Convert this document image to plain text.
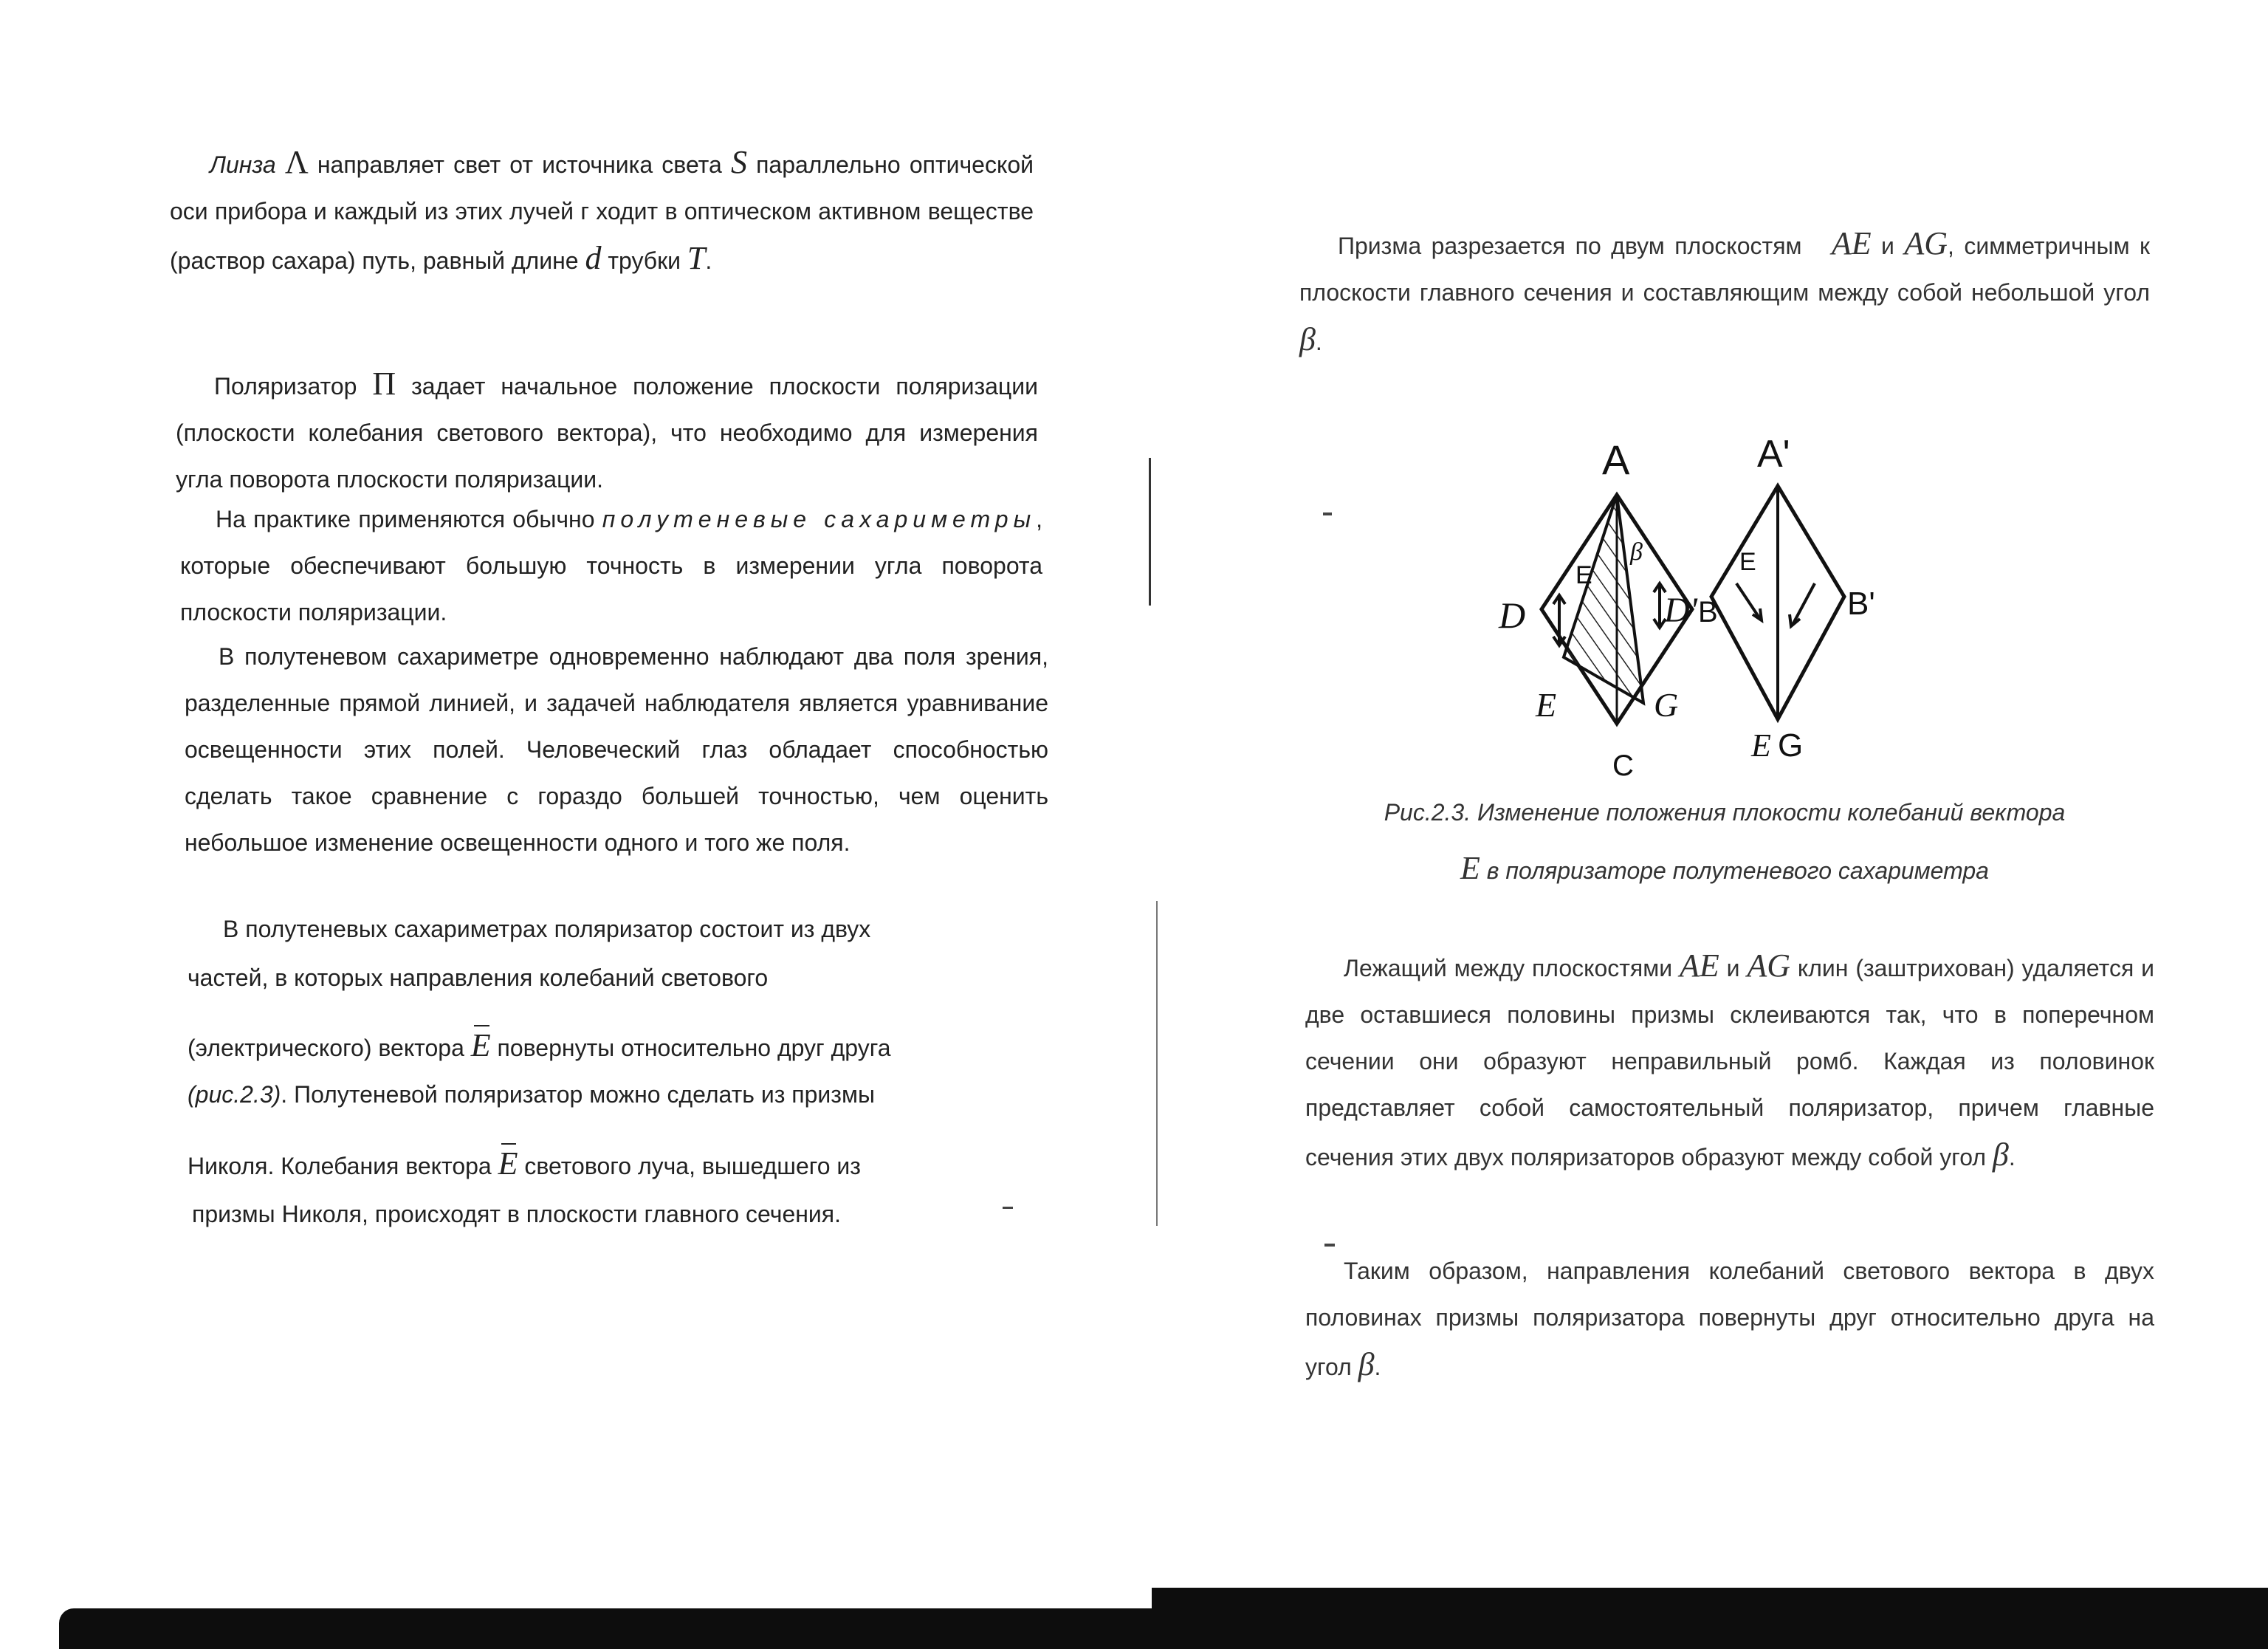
Линза Λ направляет свет от источника света S параллельно оптической оси прибора и каждый из этих лучей г ходит в оптическом активном веществе (раствор сахара) путь, равный длине d трубки T.

Поляризатор Π задает начальное положение плоскости поляризации (плоскости колебания светового вектора), что необходимо для измерения угла поворота плоскости поляризации.

На практике применяются обычно полутеневые сахариметры, которые обеспечивают большую точность в измерении угла поворота плоскости поляризации.

В полутеневом сахариметре одновременно наблюдают два поля зрения, разделенные прямой линией, и задачей наблюдателя является уравнивание освещенности этих полей. Человеческий глаз обладает способностью сделать такое сравнение с гораздо большей точностью, чем оценить небольшое изменение освещенности одного и того же поля.

В полутеневых сахариметрах поляризатор состоит из двух
частей, в которых направления колебаний светового
(электрического) вектора E повернуты относительно друг друга
(рис.2.3). Полутеневой поляризатор можно сделать из призмы
Николя. Колебания вектора E светового луча, вышедшего из
призмы Николя, происходят в плоскости главного сечения.

Призма разрезается по двум плоскостям   AE и AG, симметричным к плоскости главного сечения и составляющим между собой небольшой угол β.

A
B
C
D
E	G
E
β
A'
B'
D'
E G
E

Рис.2.3. Изменение положения плокости колебаний вектора
E в поляризаторе полутеневого сахариметра

Лежащий между плоскостями AE и AG клин (заштрихован) удаляется и две оставшиеся половины призмы склеиваются так, что в поперечном сечении они образуют неправильный ромб. Каждая из половинок представляет собой самостоятельный поляризатор, причем главные сечения этих двух поляризаторов образуют между собой угол β.

Таким образом, направления колебаний светового вектора в двух половинах призмы поляризатора повернуты друг относительно друга на угол β.
